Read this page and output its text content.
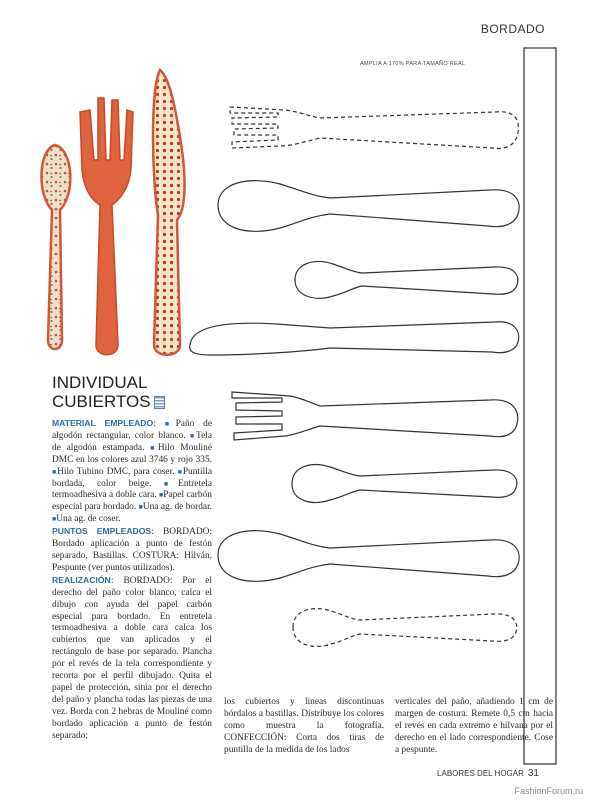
BORDADO
AMPLIA A 170% PARA TAMAÑO REAL
INDIVIDUAL
CUBIERTOS
MATERIAL EMPLEADO: ■Paño de algodón rectangular, color blanco. ■Tela de algodón estampada. ■Hilo Mouliné DMC en los colores azul 3746 y rojo 335. ■Hilo Tubino DMC, para coser. ■Puntilla bordada, color beige. ■Entretela termoadhesiva a doble cara. ■Papel carbón especial para bordado. ■Una ag. de bordar. ■Una ag. de coser.
PUNTOS EMPLEADOS: BORDADO: Bordado aplicación a punto de festón separado, Bastillas. COSTURA: Hilván, Pespunte (ver puntos utilizados).
REALIZACIÓN: BORDADO: Por el derecho del paño color blanco, calca el dibujo con ayuda del papel carbón especial para bordado. En entretela termoadhesiva a doble cara calca los cubiertos que van aplicados y el rectángulo de base por separado. Plancha por el revés de la tela correspondiente y recorta por el perfil dibujado. Quita el papel de protección, sitúa por el derecho del paño y plancha todas las piezas de una vez. Borda con 2 hebras de Mouliné como bordado aplicación a punto de festón separado;
los cubiertos y líneas discontinuas bórdalos a bastillas. Distribuye los colores como muestra la fotografía. CONFECCIÓN: Corta dos tiras de puntilla de la medida de los lados
verticales del paño, añadiendo 1 cm de margen de costura. Remete 0,5 cm hacia el revés en cada extremo e hilvana por el derecho en el lado correspondiente. Cose a pespunte.
LABORES DEL HOGAR 31
FashionForum.ru
